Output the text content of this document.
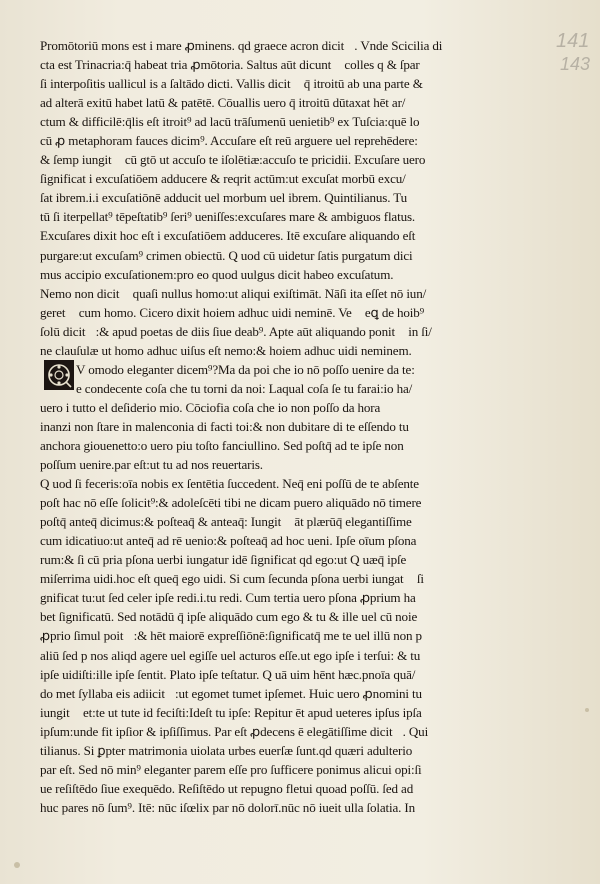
141
143
Promōtoriū mons est i mare ꝓminens. qd graece acron dicit᷑. Vnde Scicilia di
cta est Trinacria:q̄ habeat tria ꝓmōtoria. Saltus aūt dicunt᷑ colles q & ſpar
ſi interpoſitis uallicul is a ſaltādo dicti. Vallis dicit᷑ q̄ itroitū ab una parte &
ad alterā exitū habet latū & patētē. Cōuallis uero q̄ itroitū dūtaxat hēt ar/
ctum & difficilē:q̄lis eſt itroit⁹ ad lacū trāſumenū uenietib⁹ ex Tuſcia:quē lo
cū ꝓ metaphoram fauces dicim⁹. Accuſare eſt reū arguere uel reprehēdere:
& ſemp iungit᷑ cū gtō ut accuſo te iſolētiæ:accuſo te pricidii. Excuſare uero
ſignificat i excuſatiōem adducere & reqrit actūm:ut excuſat morbū excu/
ſat ibrem.i.i excuſatiōnē adducit uel morbum uel ibrem. Quintilianus. Tu
tū ſi iterpellat⁹ tēpeſtatib⁹ ſeri⁹ ueniſſes:excuſares mare & ambiguos flatus.
Excuſares dixit hoc eſt i excuſatiōem adduceres. Itē excuſare aliquando eſt
purgare:ut excuſam⁹ crimen obiectū. Q uod cū uidetur ſatis purgatum dici
mus accipio excuſationem:pro eo quod uulgus dicit habeo excuſatum.
Nemo non dicit᷑ quaſi nullus homo:ut aliqui exiſtimāt. Nāſi ita eſſet nō iun/
geret᷑ cum homo. Cicero dixit hoiem adhuc uidi neminē. Veꝝ eꝗ de hoib⁹
ſolū dicit᷑:& apud poetas de diis ſiue deab⁹. Apte aūt aliquando ponit᷑ in ſi/
ne clauſulæ ut homo adhuc uiſus eſt nemo:& hoiem adhuc uidi neminem.
V omodo eleganter dicem⁹?Ma da poi che io nō poſſo uenire da te:
e condecente coſa che tu torni da noi: Laqual coſa ſe tu farai:io ha/
uero i tutto el deſiderio mio. Cōciofia coſa che io non poſſo da hora
inanzi non ſtare in malenconia di facti toi:& non dubitare di te eſſendo tu
anchora giouenetto:o uero piu toſto fanciullino. Sed poſtq̄ ad te ipſe non
poſſum uenire.par eſt:ut tu ad nos reuertaris.
Q uod ſi feceris:oīa nobis ex ſentētia ſuccedent. Neq̄ eni poſſū de te abſente
poſt hac nō eſſe ſolicit⁹:& adoleſcēti tibi ne dicam puero aliquādo nō timere
poſtq̄ anteq̄ dicimus:& poſteaq̄ & anteaq̄: Iungit᷑ āt plærūq̄ elegantiſſime
cum idicatiuo:ut anteq̄ ad rē uenio:& poſteaq̄ ad hoc ueni. Ipſe oīum pſona
rum:& ſi cū pria pſona uerbi iungatur idē ſignificat qd ego:ut Q uæq̄ ipſe
miſerrima uidi.hoc eſt queq̄ ego uidi. Si cum ſecunda pſona uerbi iungat᷑ ſi
gnificat tu:ut ſed celer ipſe redi.i.tu redi. Cum tertia uero pſona ꝓprium ha
bet ſignificatū. Sed notādū q̄ ipſe aliquādo cum ego & tu & ille uel cū noie
ꝓprio ſimul poit᷑:& hēt maiorē expreſſiōnē:ſignificatq̄ me te uel illū non p
aliū ſed p nos aliqd agere uel egiſſe uel acturos eſſe.ut ego ipſe i terſui: & tu
ipſe uidiſti:ille ipſe ſentit. Plato ipſe teſtatur. Q uā uim hēnt hæc.pnoīa quā/
do met ſyllaba eis adiicit᷑:ut egomet tumet ipſemet. Huic uero ꝓnomini tu
iungit᷑ et:te ut tute id feciſti:Ideſt tu ipſe: Repitur ēt apud ueteres ipſus ipſa
ipſum:unde fit ipſior & ipſiſſimus. Par eſt ꝓdecens ē elegātiſſime dicit᷑. Qui
tilianus. Si ꝑpter matrimonia uiolata urbes euerſæ ſunt.qd quæri adulterio
par eſt. Sed nō min⁹ eleganter parem eſſe pro ſufficere ponimus alicui opi:ſi
ue reſiſtēdo ſiue exequēdo. Reſiſtēdo ut repugno fletui quoad poſſū. ſed ad
huc pares nō ſum⁹. Itē: nūc iſœlix par nō dolorī.nūc nō iueit ulla ſolatia. In
